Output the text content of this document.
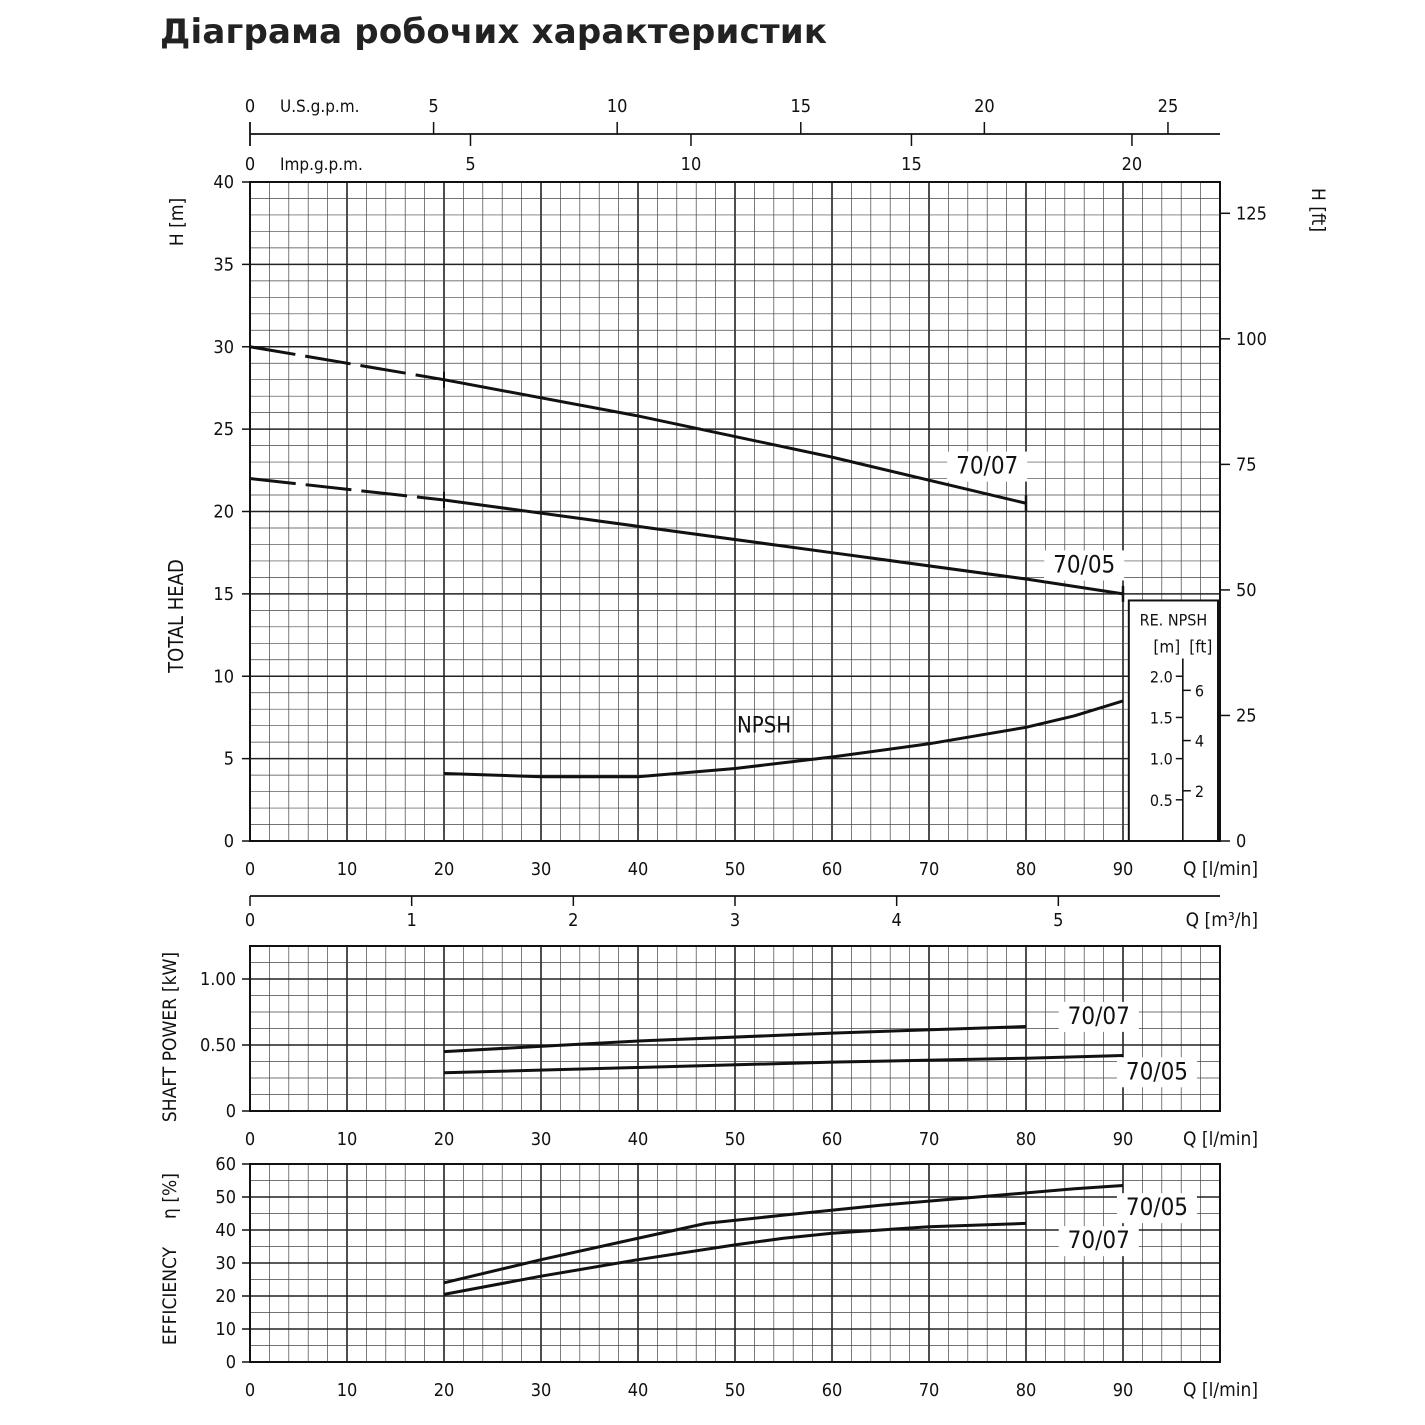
Діаграма робочих характеристик
0
5
10
15
20
25
30
35
40
0
25
50
75
100
125
H [m]
TOTAL HEAD
H [ft]
0	10	20	30	40	50	60	70	80	90	Q [l/min]
0	5	10	15	20	25
U.S.g.p.m.
0	5	10	15	20
Imp.g.p.m.
NPSH
70/07
70/05
RE. NPSH
[m] [ft]
0.5
1.0
1.5
2.0
2
4
6
0	1	2	3	4	5	Q [m³/h]
0
0.50
1.00
[kW]
SHAFT POWER	70/07
70/05
0	10	20	30	40	50	60	70	80	90	Q [l/min]
0
10
20
30
40
50
60
η [%]
EFFICIENCY
70/05
70/07
0	10	20	30	40	50	60	70	80	90	Q [l/min]
